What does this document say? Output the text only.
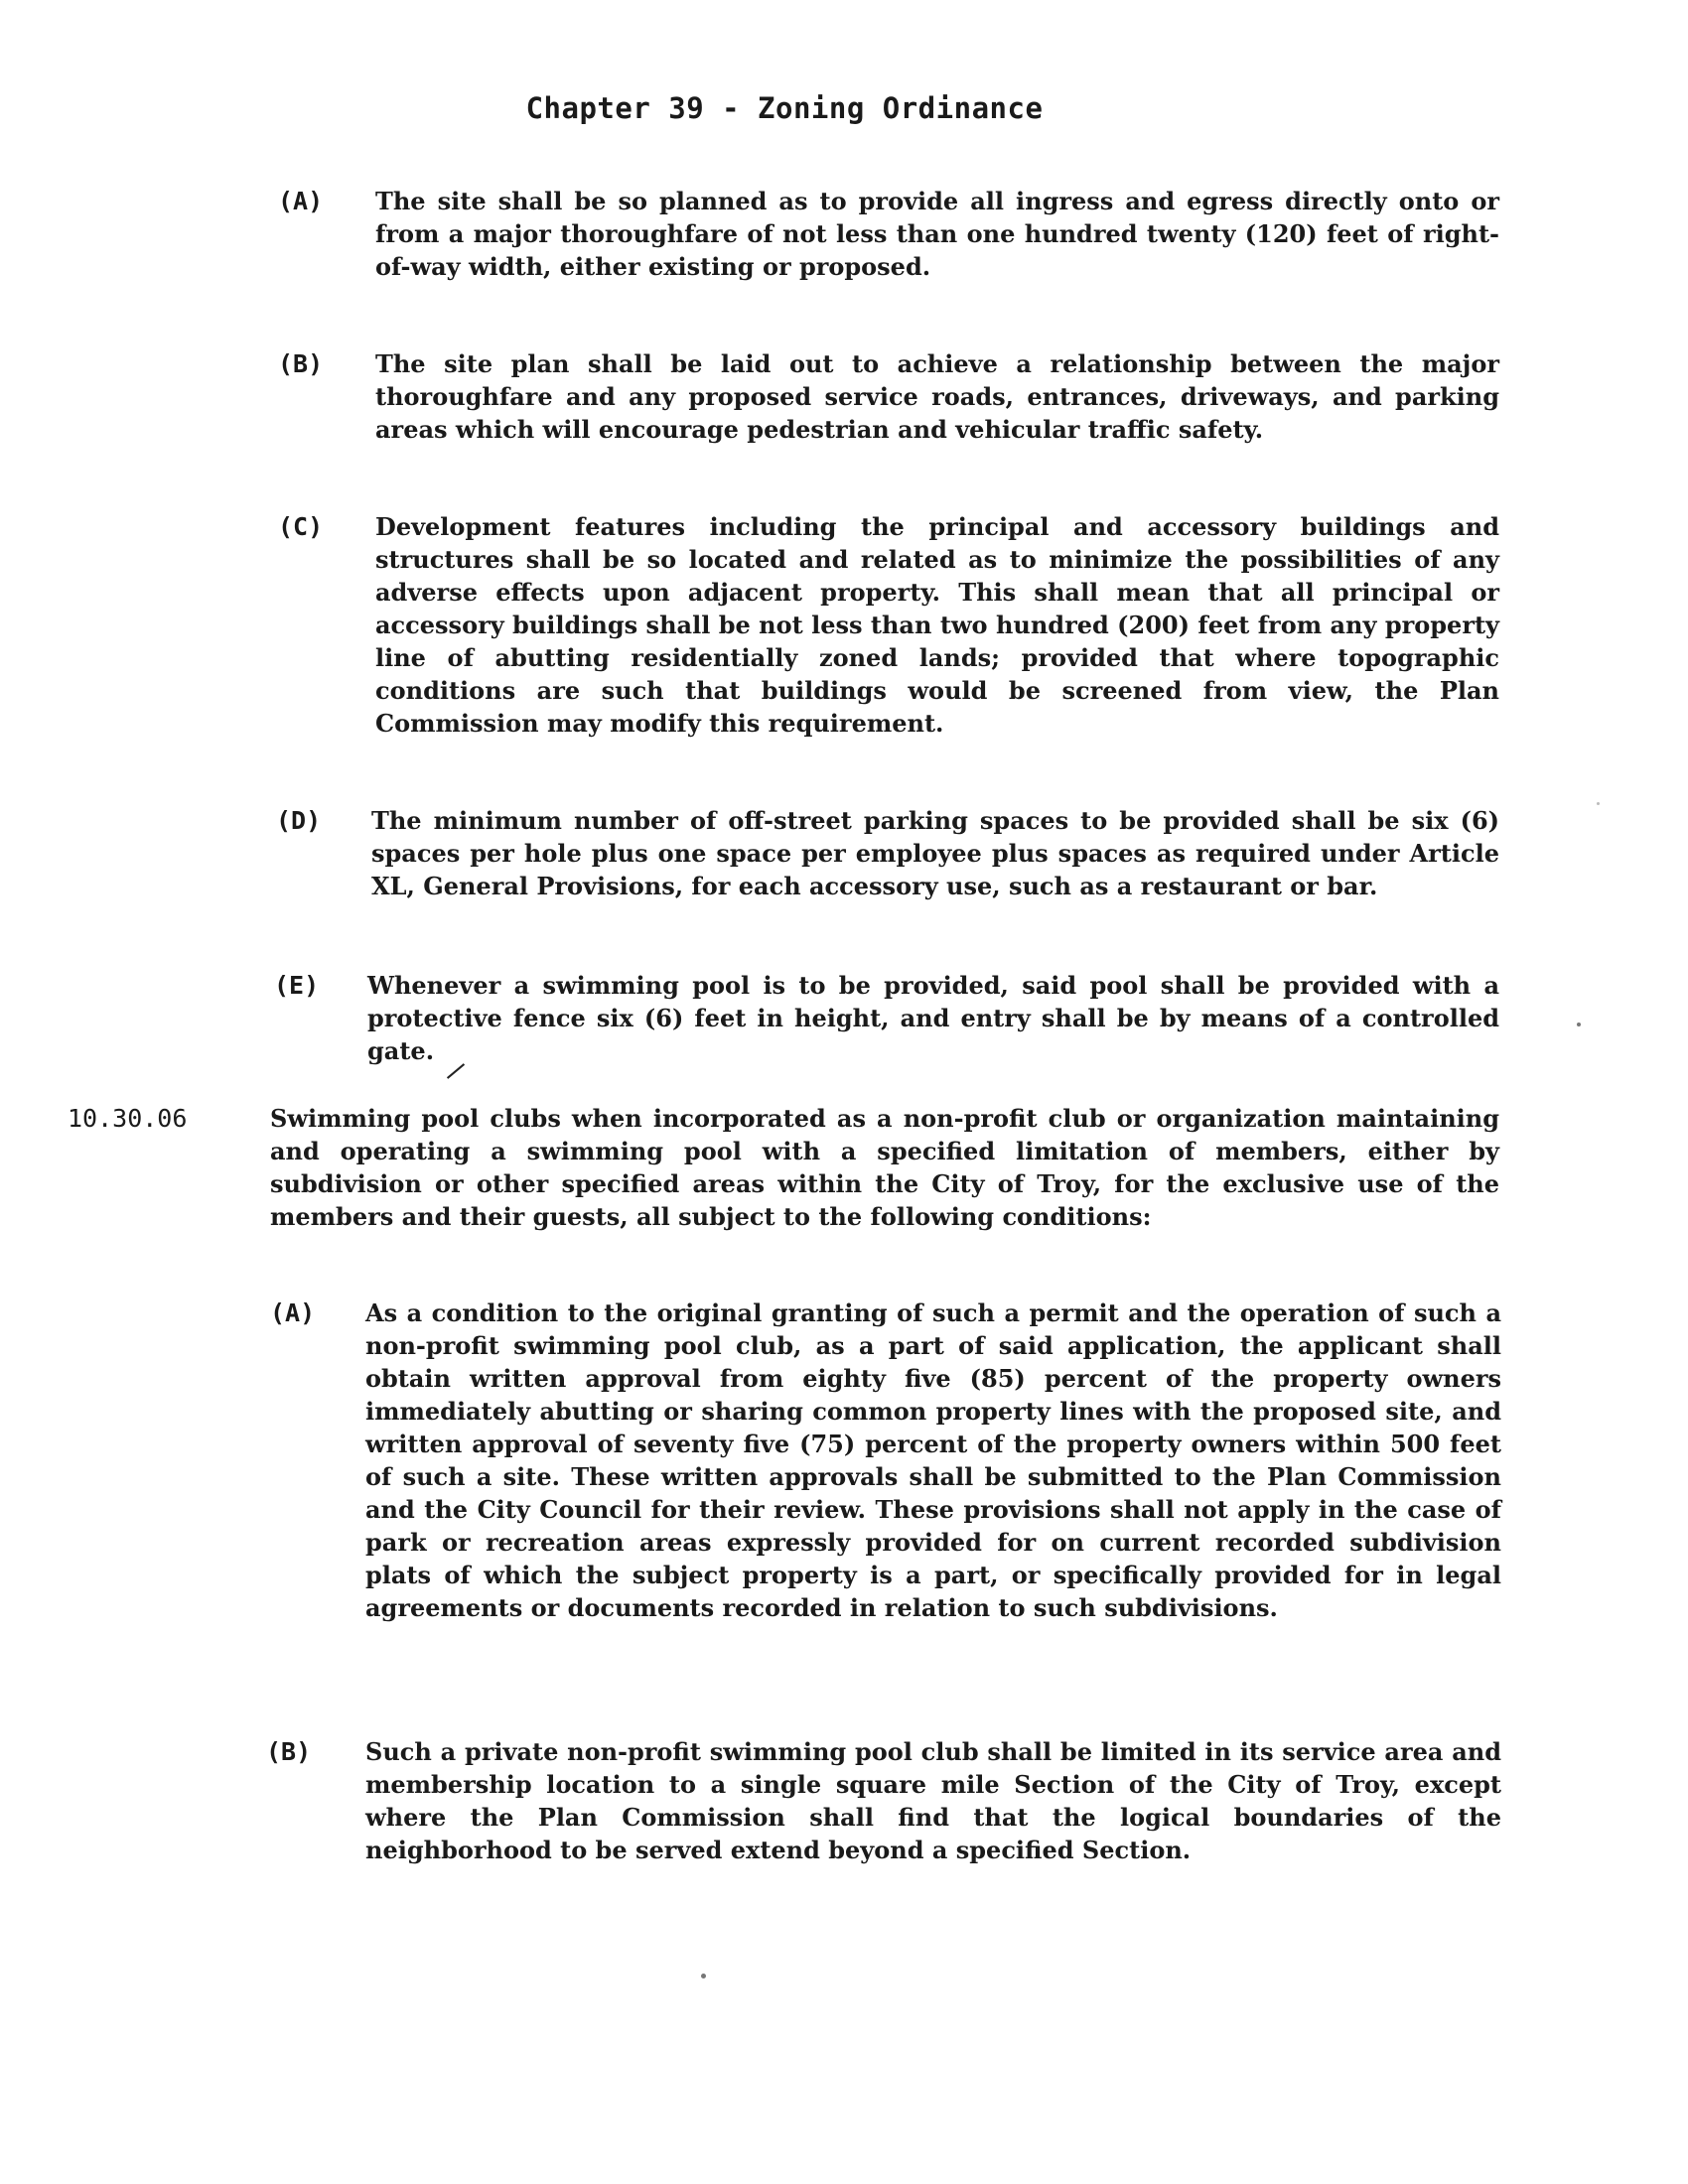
Chapter 39 - Zoning Ordinance
(A) The site shall be so planned as to provide all ingress and egress directly onto or from a major thoroughfare of not less than one hundred twenty (120) feet of right-of-way width, either existing or proposed.
(B) The site plan shall be laid out to achieve a relationship between the major thoroughfare and any proposed service roads, entrances, driveways, and parking areas which will encourage pedestrian and vehicular traffic safety.
(C) Development features including the principal and accessory buildings and structures shall be so located and related as to minimize the possibilities of any adverse effects upon adjacent property. This shall mean that all principal or accessory buildings shall be not less than two hundred (200) feet from any property line of abutting residentially zoned lands; provided that where topographic conditions are such that buildings would be screened from view, the Plan Commission may modify this requirement.
(D) The minimum number of off-street parking spaces to be provided shall be six (6) spaces per hole plus one space per employee plus spaces as required under Article XL, General Provisions, for each accessory use, such as a restaurant or bar.
(E) Whenever a swimming pool is to be provided, said pool shall be provided with a protective fence six (6) feet in height, and entry shall be by means of a controlled gate.
10.30.06	Swimming pool clubs when incorporated as a non-profit club or organization maintaining and operating a swimming pool with a specified limitation of members, either by subdivision or other specified areas within the City of Troy, for the exclusive use of the members and their guests, all subject to the following conditions:
(A) As a condition to the original granting of such a permit and the operation of such a non-profit swimming pool club, as a part of said application, the applicant shall obtain written approval from eighty five (85) percent of the property owners immediately abutting or sharing common property lines with the proposed site, and written approval of seventy five (75) percent of the property owners within 500 feet of such a site. These written approvals shall be submitted to the Plan Commission and the City Council for their review. These provisions shall not apply in the case of park or recreation areas expressly provided for on current recorded subdivision plats of which the subject property is a part, or specifically provided for in legal agreements or documents recorded in relation to such subdivisions.
(B) Such a private non-profit swimming pool club shall be limited in its service area and membership location to a single square mile Section of the City of Troy, except where the Plan Commission shall find that the logical boundaries of the neighborhood to be served extend beyond a specified Section.
